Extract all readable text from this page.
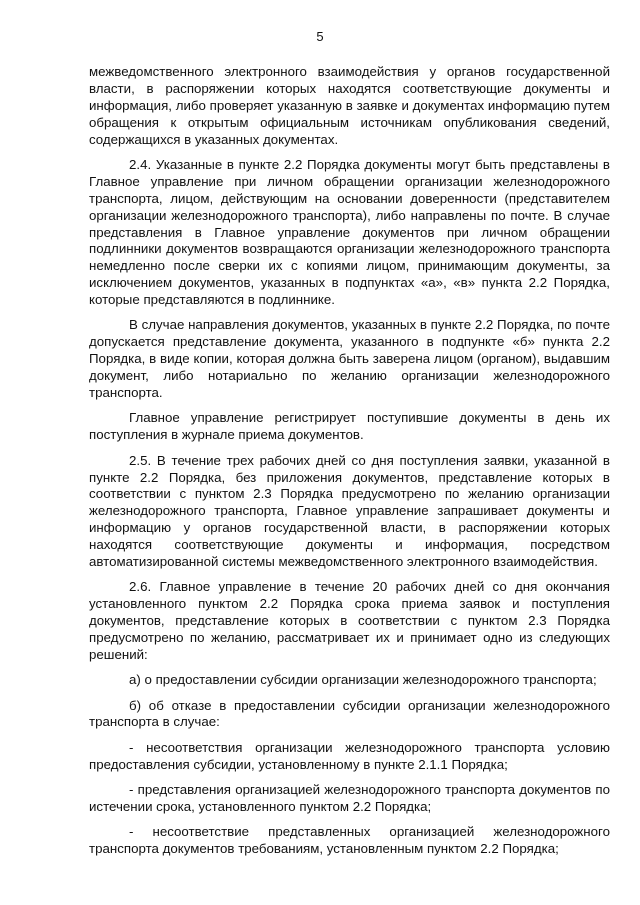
5

межведомственного электронного взаимодействия у органов государственной власти, в распоряжении которых находятся соответствующие документы и информация, либо проверяет указанную в заявке и документах информацию путем обращения к открытым официальным источникам опубликования сведений, содержащихся в указанных документах.

2.4. Указанные в пункте 2.2 Порядка документы могут быть представлены в Главное управление при личном обращении организации железнодорожного транспорта, лицом, действующим на основании доверенности (представителем организации железнодорожного транспорта), либо направлены по почте. В случае представления в Главное управление документов при личном обращении подлинники документов возвращаются организации железнодорожного транспорта немедленно после сверки их с копиями лицом, принимающим документы, за исключением документов, указанных в подпунктах «а», «в» пункта 2.2 Порядка, которые представляются в подлиннике.

В случае направления документов, указанных в пункте 2.2 Порядка, по почте допускается представление документа, указанного в подпункте «б» пункта 2.2 Порядка, в виде копии, которая должна быть заверена лицом (органом), выдавшим документ, либо нотариально по желанию организации железнодорожного транспорта.

Главное управление регистрирует поступившие документы в день их поступления в журнале приема документов.

2.5. В течение трех рабочих дней со дня поступления заявки, указанной в пункте 2.2 Порядка, без приложения документов, представление которых в соответствии с пунктом 2.3 Порядка предусмотрено по желанию организации железнодорожного транспорта, Главное управление запрашивает документы и информацию у органов государственной власти, в распоряжении которых находятся соответствующие документы и информация, посредством автоматизированной системы межведомственного электронного взаимодействия.

2.6. Главное управление в течение 20 рабочих дней со дня окончания установленного пунктом 2.2 Порядка срока приема заявок и поступления документов, представление которых в соответствии с пунктом 2.3 Порядка предусмотрено по желанию, рассматривает их и принимает одно из следующих решений:

а) о предоставлении субсидии организации железнодорожного транспорта;

б) об отказе в предоставлении субсидии организации железнодорожного транспорта в случае:

- несоответствия организации железнодорожного транспорта условию предоставления субсидии, установленному в пункте 2.1.1 Порядка;

- представления организацией железнодорожного транспорта документов по истечении срока, установленного пунктом 2.2 Порядка;

- несоответствие представленных организацией железнодорожного транспорта документов требованиям, установленным пунктом 2.2 Порядка;
